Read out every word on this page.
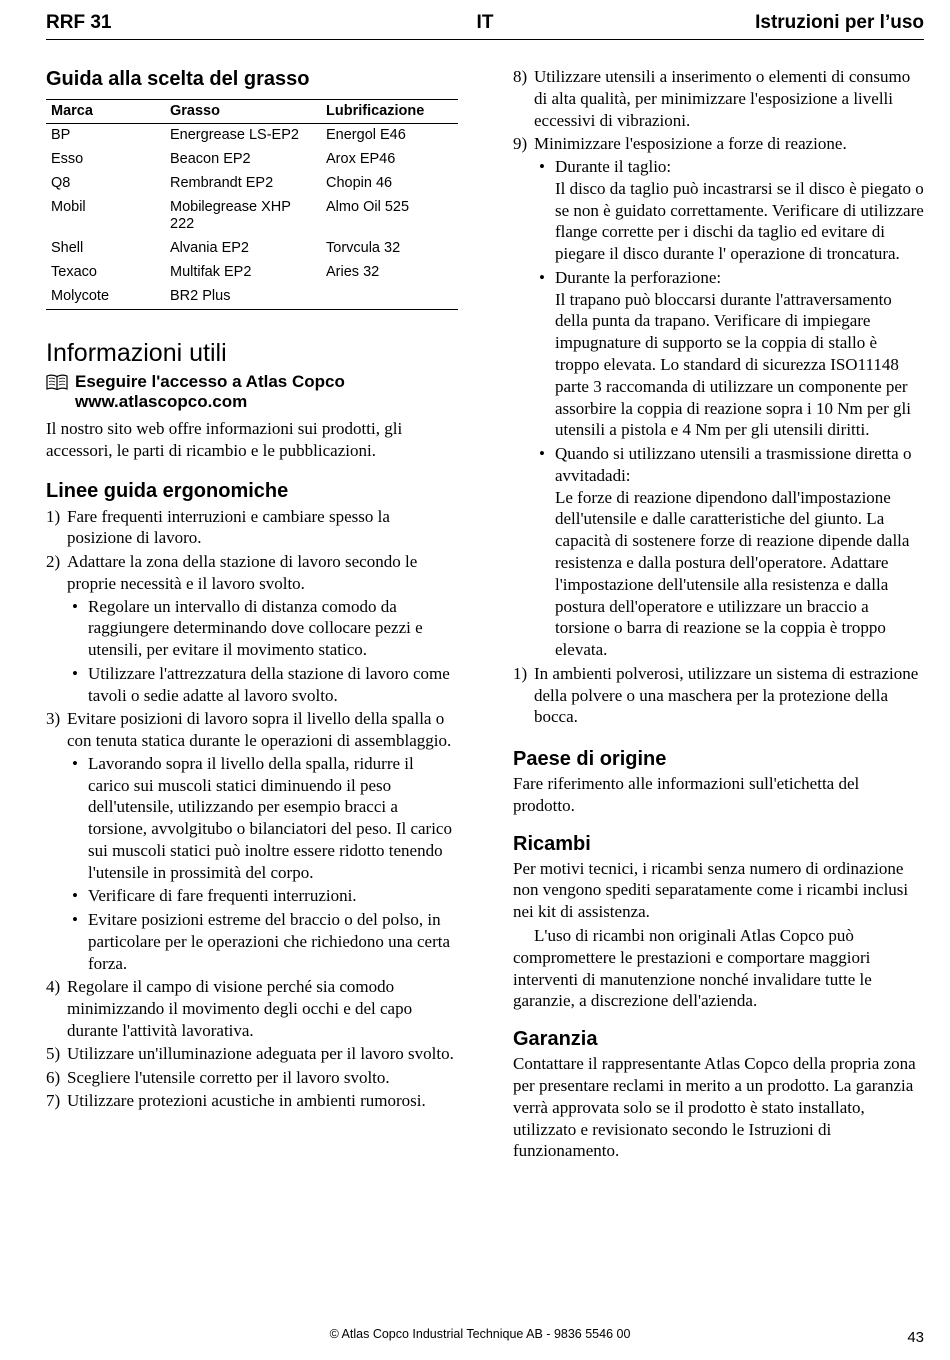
RRF 31	IT	Istruzioni per l’uso
Guida alla scelta del grasso
Marca	Grasso	Lubrificazione
BP	Energrease LS-EP2	Energol E46
Esso	Beacon EP2	Arox EP46
Q8	Rembrandt EP2	Chopin 46
Mobil	Mobilegrease XHP 222	Almo Oil 525
Shell	Alvania EP2	Torvcula 32
Texaco	Multifak EP2	Aries 32
Molycote	BR2 Plus	
Informazioni utili
Eseguire l'accesso a Atlas Copco
www.atlascopco.com
Il nostro sito web offre informazioni sui prodotti, gli accessori, le parti di ricambio e le pubblicazioni.
Linee guida ergonomiche
1) Fare frequenti interruzioni e cambiare spesso la posizione di lavoro.
2) Adattare la zona della stazione di lavoro secondo le proprie necessità e il lavoro svolto.
• Regolare un intervallo di distanza comodo da raggiungere determinando dove collocare pezzi e utensili, per evitare il movimento statico.
• Utilizzare l'attrezzatura della stazione di lavoro come tavoli o sedie adatte al lavoro svolto.
3) Evitare posizioni di lavoro sopra il livello della spalla o con tenuta statica durante le operazioni di assemblaggio.
• Lavorando sopra il livello della spalla, ridurre il carico sui muscoli statici diminuendo il peso dell'utensile, utilizzando per esempio bracci a torsione, avvolgitubo o bilanciatori del peso. Il carico sui muscoli statici può inoltre essere ridotto tenendo l'utensile in prossimità del corpo.
• Verificare di fare frequenti interruzioni.
• Evitare posizioni estreme del braccio o del polso, in particolare per le operazioni che richiedono una certa forza.
4) Regolare il campo di visione perché sia comodo minimizzando il movimento degli occhi e del capo durante l'attività lavorativa.
5) Utilizzare un'illuminazione adeguata per il lavoro svolto.
6) Scegliere l'utensile corretto per il lavoro svolto.
7) Utilizzare protezioni acustiche in ambienti rumorosi.
8) Utilizzare utensili a inserimento o elementi di consumo di alta qualità, per minimizzare l'esposizione a livelli eccessivi di vibrazioni.
9) Minimizzare l'esposizione a forze di reazione.
• Durante il taglio:
Il disco da taglio può incastrarsi se il disco è piegato o se non è guidato correttamente. Verificare di utilizzare flange corrette per i dischi da taglio ed evitare di piegare il disco durante l' operazione di troncatura.
• Durante la perforazione:
Il trapano può bloccarsi durante l'attraversamento della punta da trapano. Verificare di impiegare impugnature di supporto se la coppia di stallo è troppo elevata. Lo standard di sicurezza ISO11148 parte 3 raccomanda di utilizzare un componente per assorbire la coppia di reazione sopra i 10 Nm per gli utensili a pistola e 4 Nm per gli utensili diritti.
• Quando si utilizzano utensili a trasmissione diretta o avvitadadi:
Le forze di reazione dipendono dall'impostazione dell'utensile e dalle caratteristiche del giunto. La capacità di sostenere forze di reazione dipende dalla resistenza e dalla postura dell'operatore. Adattare l'impostazione dell'utensile alla resistenza e dalla postura dell'operatore e utilizzare un braccio a torsione o barra di reazione se la coppia è troppo elevata.
1) In ambienti polverosi, utilizzare un sistema di estrazione della polvere o una maschera per la protezione della bocca.
Paese di origine
Fare riferimento alle informazioni sull'etichetta del prodotto.
Ricambi
Per motivi tecnici, i ricambi senza numero di ordinazione non vengono spediti separatamente come i ricambi inclusi nei kit di assistenza.
L'uso di ricambi non originali Atlas Copco può compromettere le prestazioni e comportare maggiori interventi di manutenzione nonché invalidare tutte le garanzie, a discrezione dell'azienda.
Garanzia
Contattare il rappresentante Atlas Copco della propria zona per presentare reclami in merito a un prodotto. La garanzia verrà approvata solo se il prodotto è stato installato, utilizzato e revisionato secondo le Istruzioni di funzionamento.
© Atlas Copco Industrial Technique AB - 9836 5546 00	43
